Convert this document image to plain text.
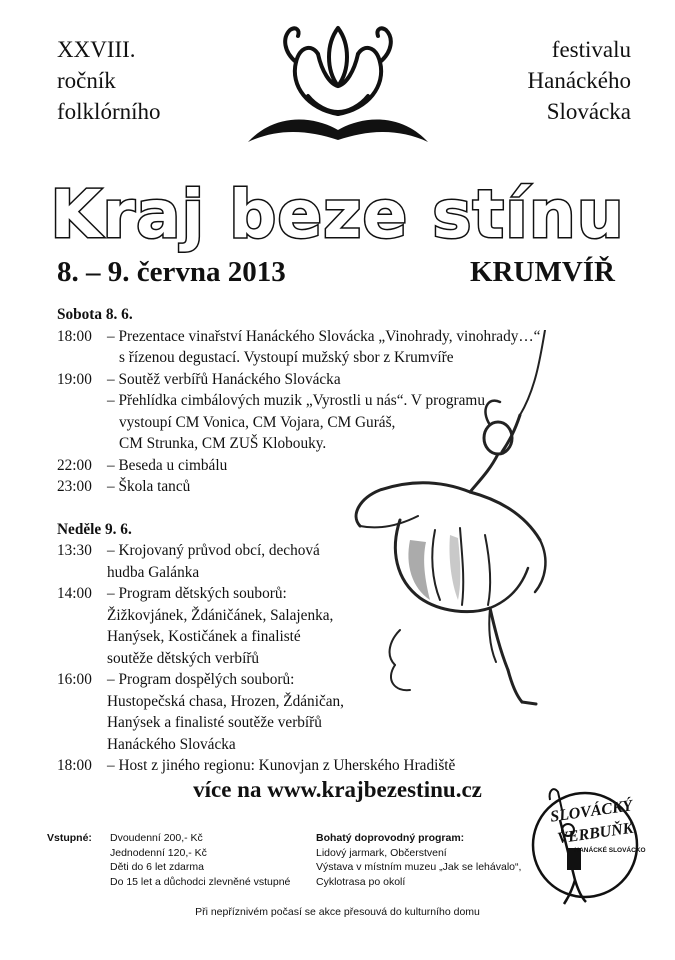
XXVIII.
ročník
folklórního
festivalu
Hanáckého
Slovácka
Kraj beze stínu
8. – 9. června 2013	KRUMVÍŘ
Sobota 8. 6.
18:00 – Prezentace vinařství Hanáckého Slovácka „Vinohrady, vinohrady…“
s řízenou degustací. Vystoupí mužský sbor z Krumvíře
19:00 – Soutěž verbířů Hanáckého Slovácka
– Přehlídka cimbálových muzik „Vyrostli u nás“. V programu
vystoupí CM Vonica, CM Vojara, CM Guráš,
CM Strunka, CM ZUŠ Klobouky.
22:00 – Beseda u cimbálu
23:00 – Škola tanců
Neděle 9. 6.
13:30 – Krojovaný průvod obcí, dechová
hudba Galánka
14:00 – Program dětských souborů:
Žižkovjánek, Ždáničánek, Salajenka,
Hanýsek, Kostičánek a finalisté
soutěže dětských verbířů
16:00 – Program dospělých souborů:
Hustopečská chasa, Hrozen, Ždáničan,
Hanýsek a finalisté soutěže verbířů
Hanáckého Slovácka
18:00 – Host z jiného regionu: Kunovjan z Uherského Hradiště
více na www.krajbezestinu.cz
Vstupné: Dvoudenní 200,- Kč
Jednodenní 120,- Kč
Děti do 6 let zdarma
Do 15 let a důchodci zlevněné vstupné
Bohatý doprovodný program:
Lidový jarmark, Občerstvení
Výstava v místním muzeu „Jak se lehávalo“,
Cyklotrasa po okolí
SLOVÁCKÝ
VERBUŇK
HANÁCKÉ SLOVÁCKO
Při nepříznivém počasí se akce přesouvá do kulturního domu
